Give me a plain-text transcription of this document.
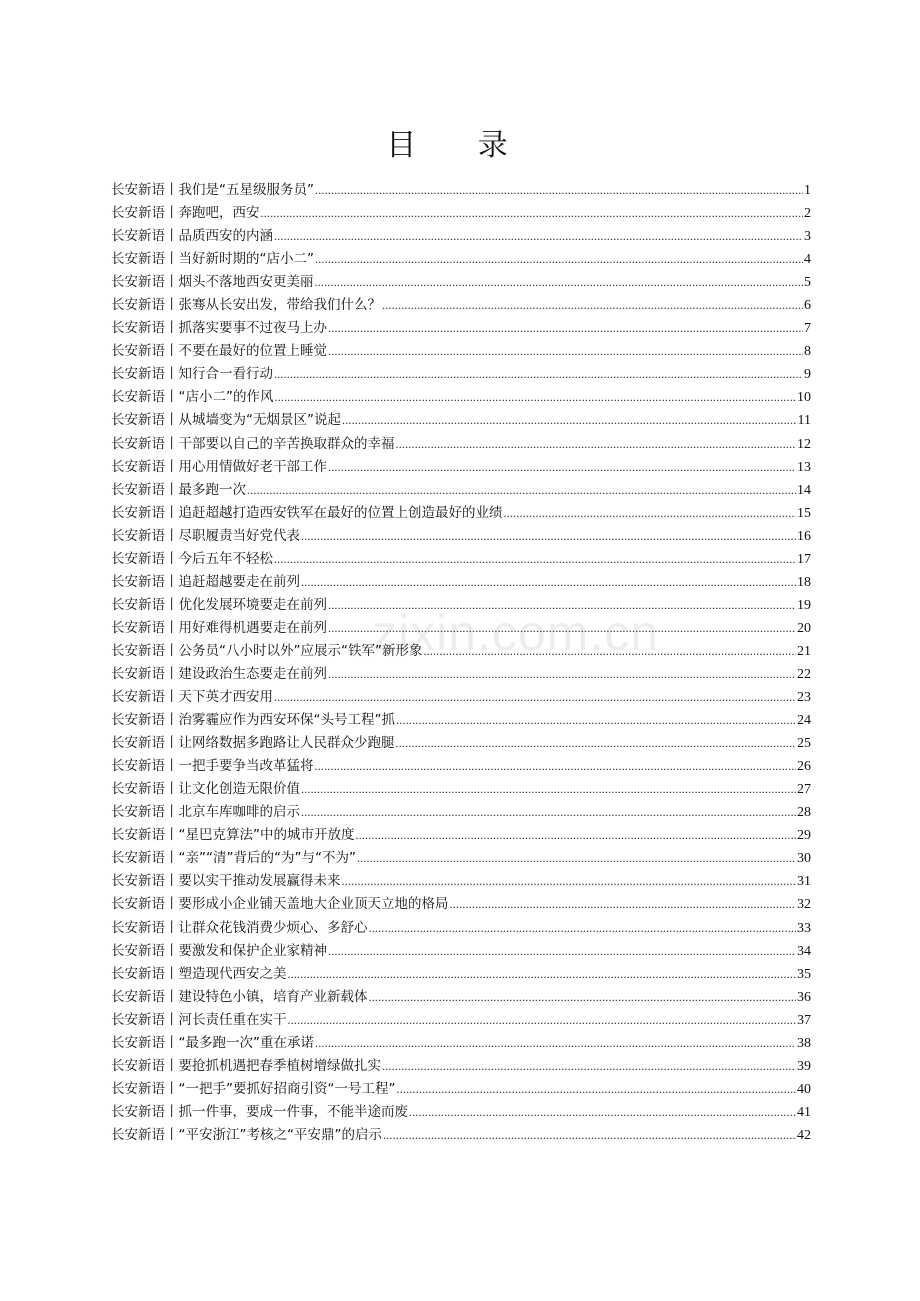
目 录
zixin.com.cn
长安新语丨我们是“五星级服务员” .....	1
长安新语丨奔跑吧，西安 .....	2
长安新语丨品质西安的内涵 .....	3
长安新语丨当好新时期的“店小二” .....	4
长安新语丨烟头不落地西安更美丽 .....	5
长安新语丨张骞从长安出发，带给我们什么？ .....	6
长安新语丨抓落实要事不过夜马上办 .....	7
长安新语丨不要在最好的位置上睡觉 .....	8
长安新语丨知行合一看行动 .....	9
长安新语丨“店小二”的作风 .....	10
长安新语丨从城墙变为“无烟景区”说起 .....	11
长安新语丨干部要以自己的辛苦换取群众的幸福 .....	12
长安新语丨用心用情做好老干部工作 .....	13
长安新语丨最多跑一次 .....	14
长安新语丨追赶超越打造西安铁军在最好的位置上创造最好的业绩 .....	15
长安新语丨尽职履责当好党代表 .....	16
长安新语丨今后五年不轻松 .....	17
长安新语丨追赶超越要走在前列 .....	18
长安新语丨优化发展环境要走在前列 .....	19
长安新语丨用好难得机遇要走在前列 .....	20
长安新语丨公务员“八小时以外”应展示“铁军”新形象 .....	21
长安新语丨建设政治生态要走在前列 .....	22
长安新语丨天下英才西安用 .....	23
长安新语丨治雾霾应作为西安环保“头号工程”抓 .....	24
长安新语丨让网络数据多跑路让人民群众少跑腿 .....	25
长安新语丨一把手要争当改革猛将 .....	26
长安新语丨让文化创造无限价值 .....	27
长安新语丨北京车库咖啡的启示 .....	28
长安新语丨“星巴克算法”中的城市开放度 .....	29
长安新语丨“亲”“清”背后的“为”与“不为” .....	30
长安新语丨要以实干推动发展赢得未来 .....	31
长安新语丨要形成小企业铺天盖地大企业顶天立地的格局 .....	32
长安新语丨让群众花钱消费少烦心、多舒心 .....	33
长安新语丨要激发和保护企业家精神 .....	34
长安新语丨塑造现代西安之美 .....	35
长安新语丨建设特色小镇，培育产业新载体 .....	36
长安新语丨河长责任重在实干 .....	37
长安新语丨“最多跑一次”重在承诺 .....	38
长安新语丨要抢抓机遇把春季植树增绿做扎实 .....	39
长安新语丨“一把手”要抓好招商引资“一号工程” .....	40
长安新语丨抓一件事，要成一件事，不能半途而废 .....	41
长安新语丨“平安浙江”考核之“平安鼎”的启示 .....	42
